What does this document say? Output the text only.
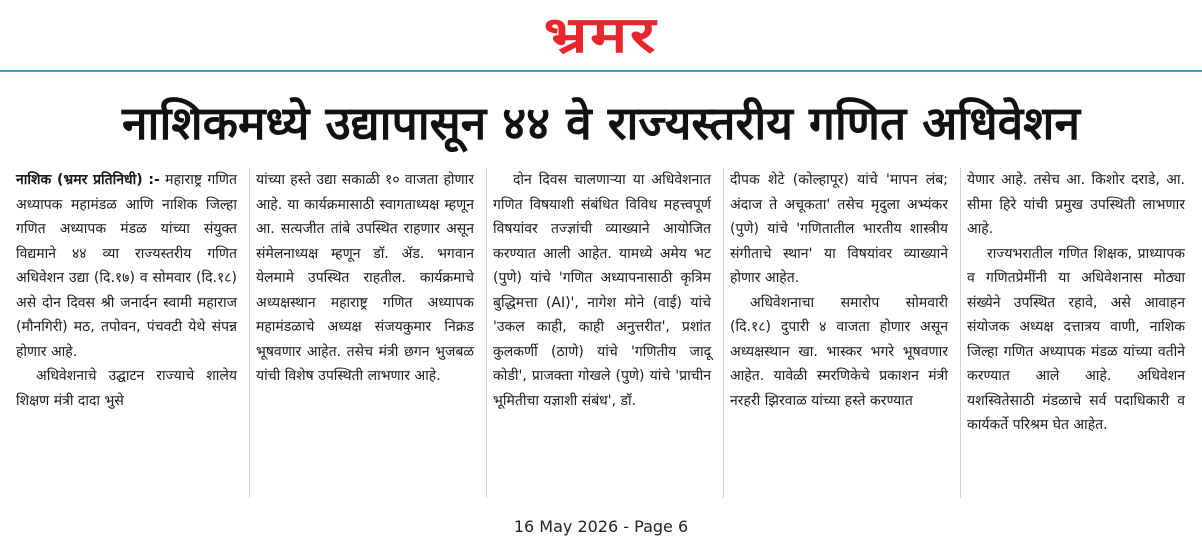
भ्रमर
नाशिकमध्ये उद्यापासून ४४ वे राज्यस्तरीय गणित अधिवेशन

नाशिक (भ्रमर प्रतिनिधी) :- महाराष्ट्र गणित अध्यापक महामंडळ आणि नाशिक जिल्हा गणित अध्यापक मंडळ यांच्या संयुक्त विद्यमाने ४४ व्या राज्यस्तरीय गणित अधिवेशन उद्या (दि.१७) व सोमवार (दि.१८) असे दोन दिवस श्री जनार्दन स्वामी महाराज (मौनगिरी) मठ, तपोवन, पंचवटी येथे संपन्न होणार आहे.

अधिवेशनाचे उद्घाटन राज्याचे शालेय शिक्षण मंत्री दादा भुसे

यांच्या हस्ते उद्या सकाळी १० वाजता होणार आहे. या कार्यक्रमासाठी स्वागताध्यक्ष म्हणून आ. सत्यजीत तांबे उपस्थित राहणार असून संमेलनाध्यक्ष म्हणून डॉ. ॲड. भगवान येलमामे उपस्थित राहतील. कार्यक्रमाचे अध्यक्षस्थान महाराष्ट्र गणित अध्यापक महामंडळाचे अध्यक्ष संजयकुमार निक्रड भूषवणार आहेत. तसेच मंत्री छगन भुजबळ यांची विशेष उपस्थिती लाभणार आहे.

दोन दिवस चालणाऱ्या या अधिवेशनात गणित विषयाशी संबंधित विविध महत्त्वपूर्ण विषयांवर तज्ज्ञांची व्याख्याने आयोजित करण्यात आली आहेत. यामध्ये अमेय भट (पुणे) यांचे 'गणित अध्यापनासाठी कृत्रिम बुद्धिमत्ता (AI)', नागेश मोने (वाई) यांचे 'उकल काही, काही अनुत्तरीत', प्रशांत कुलकर्णी (ठाणे) यांचे 'गणितीय जादू कोडी', प्राजक्ता गोखले (पुणे) यांचे 'प्राचीन भूमितीचा यज्ञाशी संबंध', डॉ.

दीपक शेटे (कोल्हापूर) यांचे 'मापन लंब; अंदाज ते अचूकता' तसेच मृदुला अभ्यंकर (पुणे) यांचे 'गणितातील भारतीय शास्त्रीय संगीताचे स्थान' या विषयांवर व्याख्याने होणार आहेत.

अधिवेशनाचा समारोप सोमवारी (दि.१८) दुपारी ४ वाजता होणार असून अध्यक्षस्थान खा. भास्कर भगरे भूषवणार आहेत. यावेळी स्मरणिकेचे प्रकाशन मंत्री नरहरी झिरवाळ यांच्या हस्ते करण्यात

येणार आहे. तसेच आ. किशोर दराडे, आ. सीमा हिरे यांची प्रमुख उपस्थिती लाभणार आहे.

राज्यभरातील गणित शिक्षक, प्राध्यापक व गणितप्रेमींनी या अधिवेशनास मोठ्या संख्येने उपस्थित रहावे, असे आवाहन संयोजक अध्यक्ष दत्तात्रय वाणी, नाशिक जिल्हा गणित अध्यापक मंडळ यांच्या वतीने करण्यात आले आहे. अधिवेशन यशस्वितेसाठी मंडळाचे सर्व पदाधिकारी व कार्यकर्ते परिश्रम घेत आहेत.

16 May 2026 - Page 6
